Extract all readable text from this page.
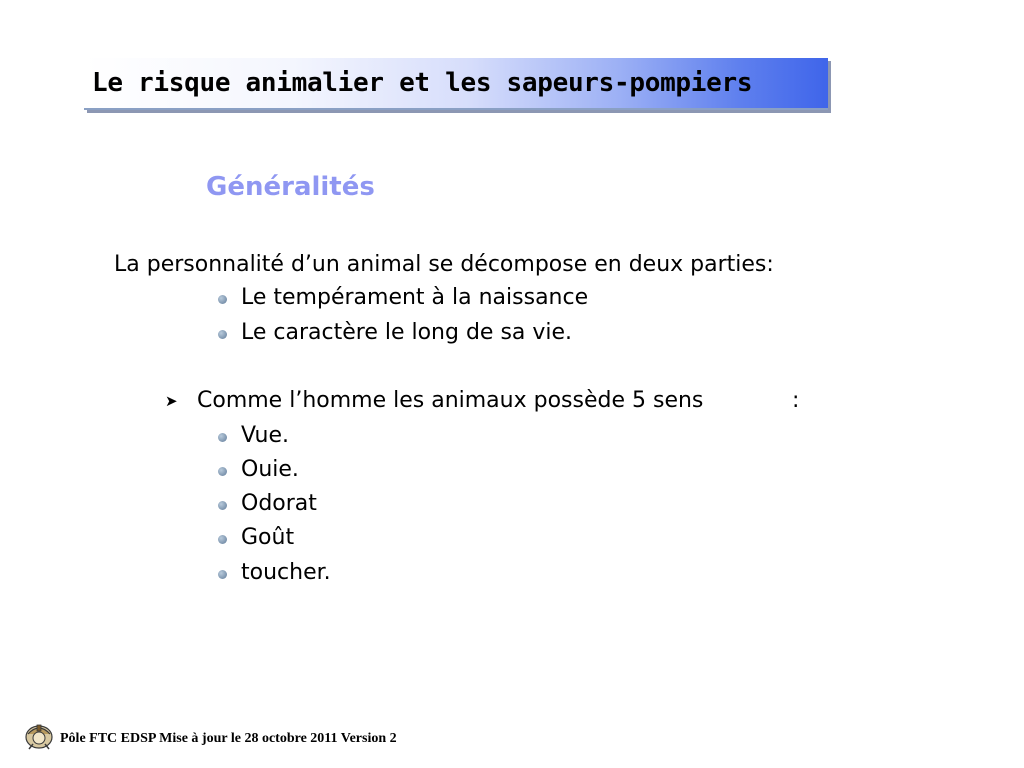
Le risque animalier et les sapeurs-pompiers
Généralités
La personnalité d’un animal se décompose en deux parties:
Le tempérament à la naissance
Le caractère le long de sa vie.
➤ Comme l’homme les animaux possède 5 sens	:
Vue.
Ouie.
Odorat
Goût
toucher.
Pôle FTC EDSP Mise à jour le 28 octobre 2011 Version 2
